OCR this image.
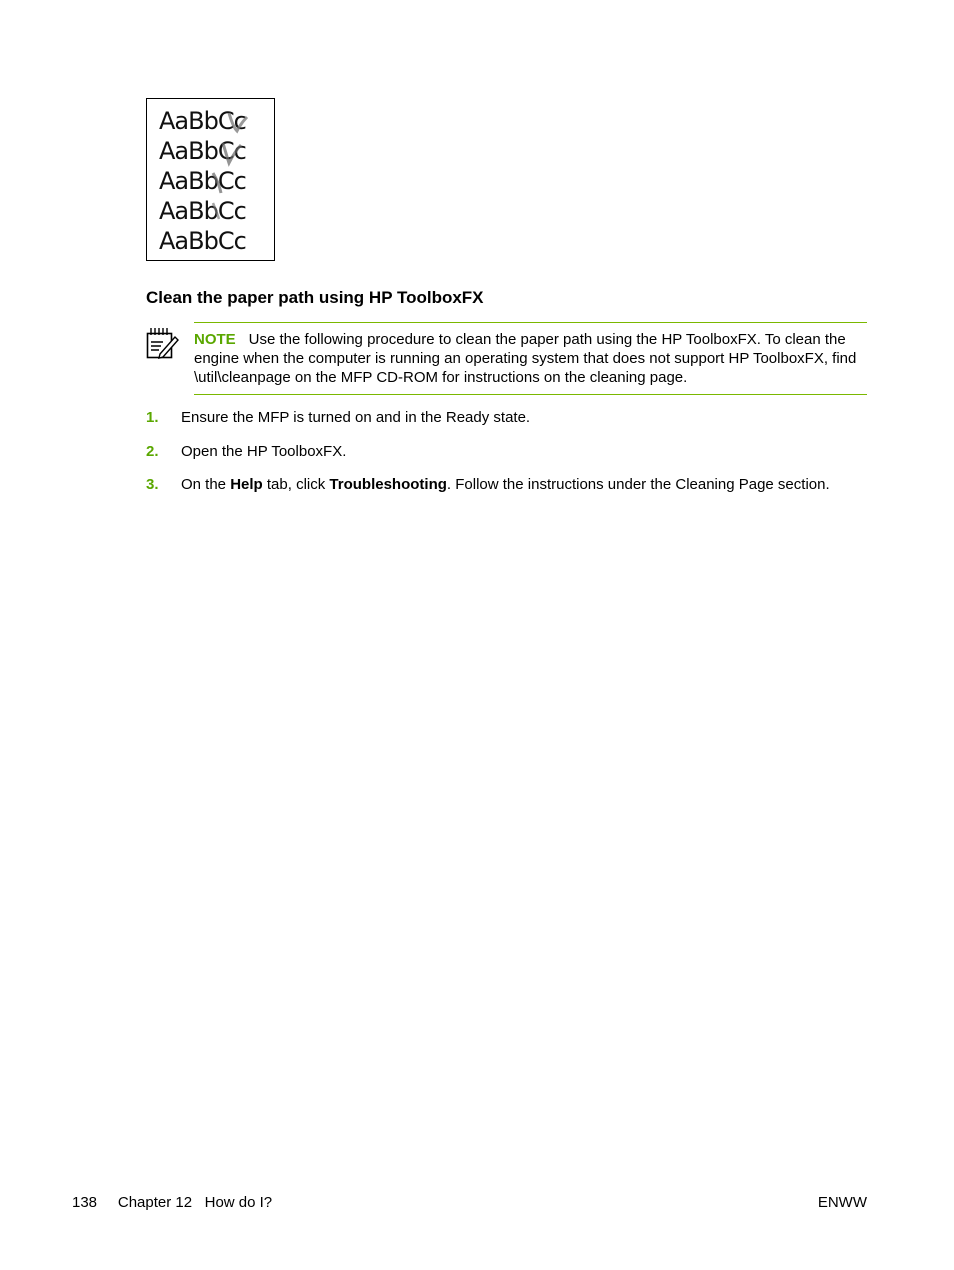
AaBbCc
AaBbCc
AaBbCc
AaBbCc
AaBbCc
Clean the paper path using HP ToolboxFX
NOTE Use the following procedure to clean the paper path using the HP ToolboxFX. To clean the engine when the computer is running an operating system that does not support HP ToolboxFX, find \util\cleanpage on the MFP CD-ROM for instructions on the cleaning page.
1. Ensure the MFP is turned on and in the Ready state.
2. Open the HP ToolboxFX.
3. On the Help tab, click Troubleshooting. Follow the instructions under the Cleaning Page section.
138 Chapter 12 How do I?	ENWW
